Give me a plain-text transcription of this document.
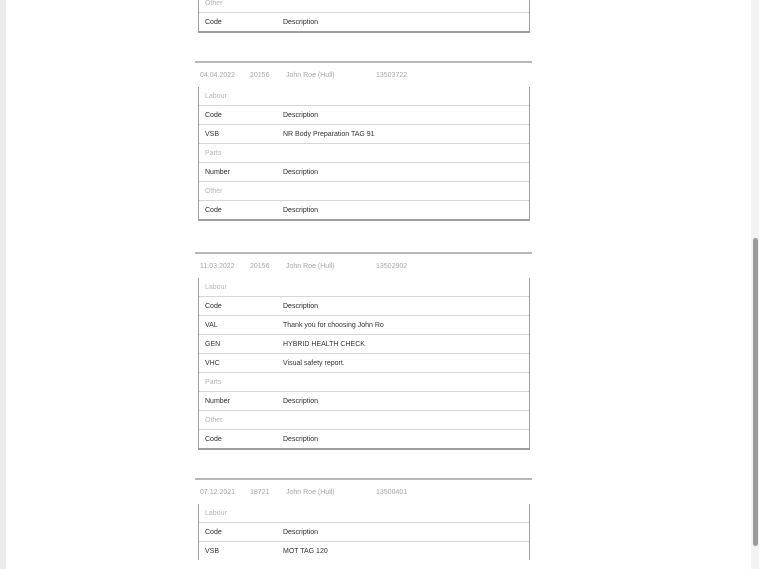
Other
Code	Description
04.04.2022	20156	John Roe (Hull)	13503722
Labour
Code	Description
VSB	NR Body Preparation TAG 91
Parts
Number	Description
Other
Code	Description
11.03.2022	20156	John Roe (Hull)	13502902
Labour
Code	Description
VAL	Thank you for choosing John Ro
GEN	HYBRID HEALTH CHECK
VHC	Visual safety report.
Parts
Number	Description
Other
Code	Description
07.12.2021	18721	John Roe (Hull)	13500401
Labour
Code	Description
VSB	MOT TAG 120
